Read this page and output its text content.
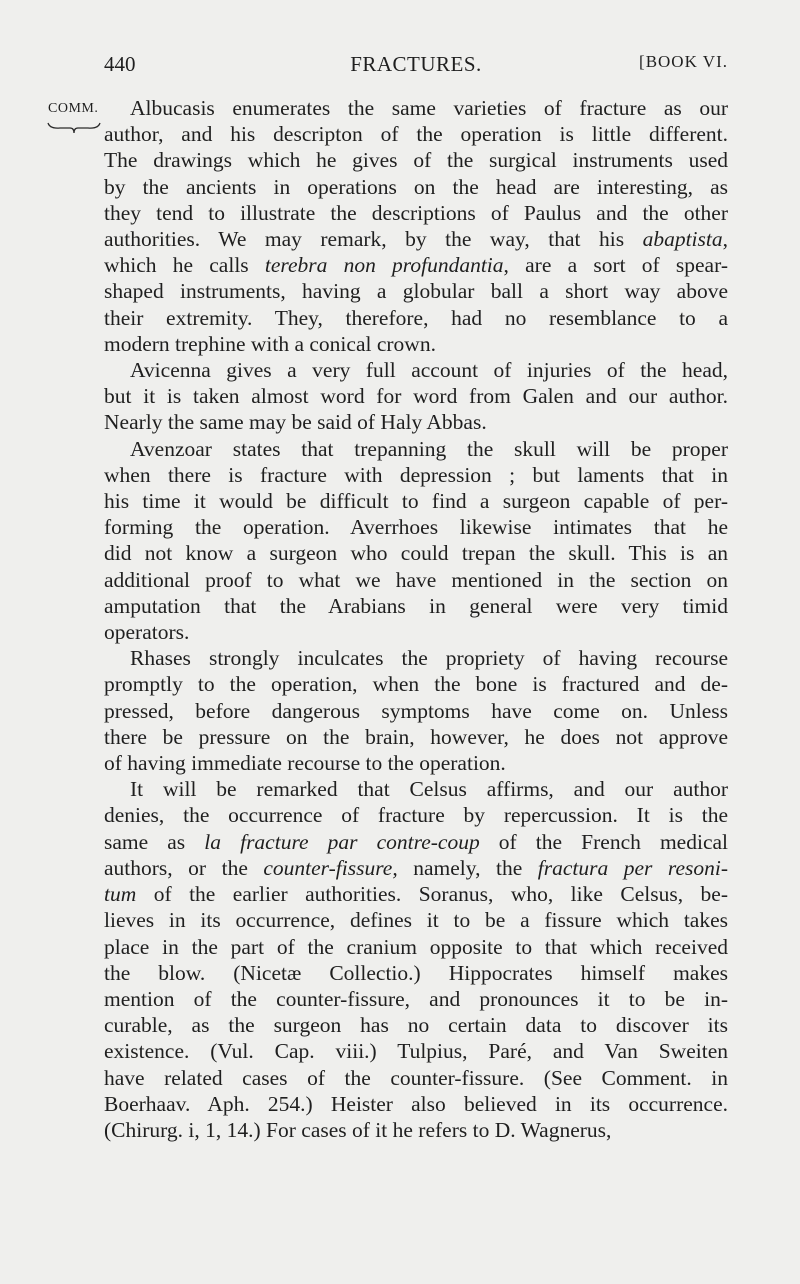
440	FRACTURES.	[BOOK VI.
COMM.	Albucasis enumerates the same varieties of fracture as our
author, and his descripton of the operation is little different.
The drawings which he gives of the surgical instruments used
by the ancients in operations on the head are interesting, as
they tend to illustrate the descriptions of Paulus and the other
authorities. We may remark, by the way, that his abaptista,
which he calls terebra non profundantia, are a sort of spear-
shaped instruments, having a globular ball a short way above
their extremity. They, therefore, had no resemblance to a
modern trephine with a conical crown.
Avicenna gives a very full account of injuries of the head,
but it is taken almost word for word from Galen and our author.
Nearly the same may be said of Haly Abbas.
Avenzoar states that trepanning the skull will be proper
when there is fracture with depression ; but laments that in
his time it would be difficult to find a surgeon capable of per-
forming the operation. Averrhoes likewise intimates that he
did not know a surgeon who could trepan the skull. This is an
additional proof to what we have mentioned in the section on
amputation that the Arabians in general were very timid
operators.
Rhases strongly inculcates the propriety of having recourse
promptly to the operation, when the bone is fractured and de-
pressed, before dangerous symptoms have come on. Unless
there be pressure on the brain, however, he does not approve
of having immediate recourse to the operation.
It will be remarked that Celsus affirms, and our author
denies, the occurrence of fracture by repercussion. It is the
same as la fracture par contre-coup of the French medical
authors, or the counter-fissure, namely, the fractura per resoni-
tum of the earlier authorities. Soranus, who, like Celsus, be-
lieves in its occurrence, defines it to be a fissure which takes
place in the part of the cranium opposite to that which received
the blow. (Nicetæ Collectio.) Hippocrates himself makes
mention of the counter-fissure, and pronounces it to be in-
curable, as the surgeon has no certain data to discover its
existence. (Vul. Cap. viii.) Tulpius, Paré, and Van Sweiten
have related cases of the counter-fissure. (See Comment. in
Boerhaav. Aph. 254.) Heister also believed in its occurrence.
(Chirurg. i, 1, 14.) For cases of it he refers to D. Wagnerus,
